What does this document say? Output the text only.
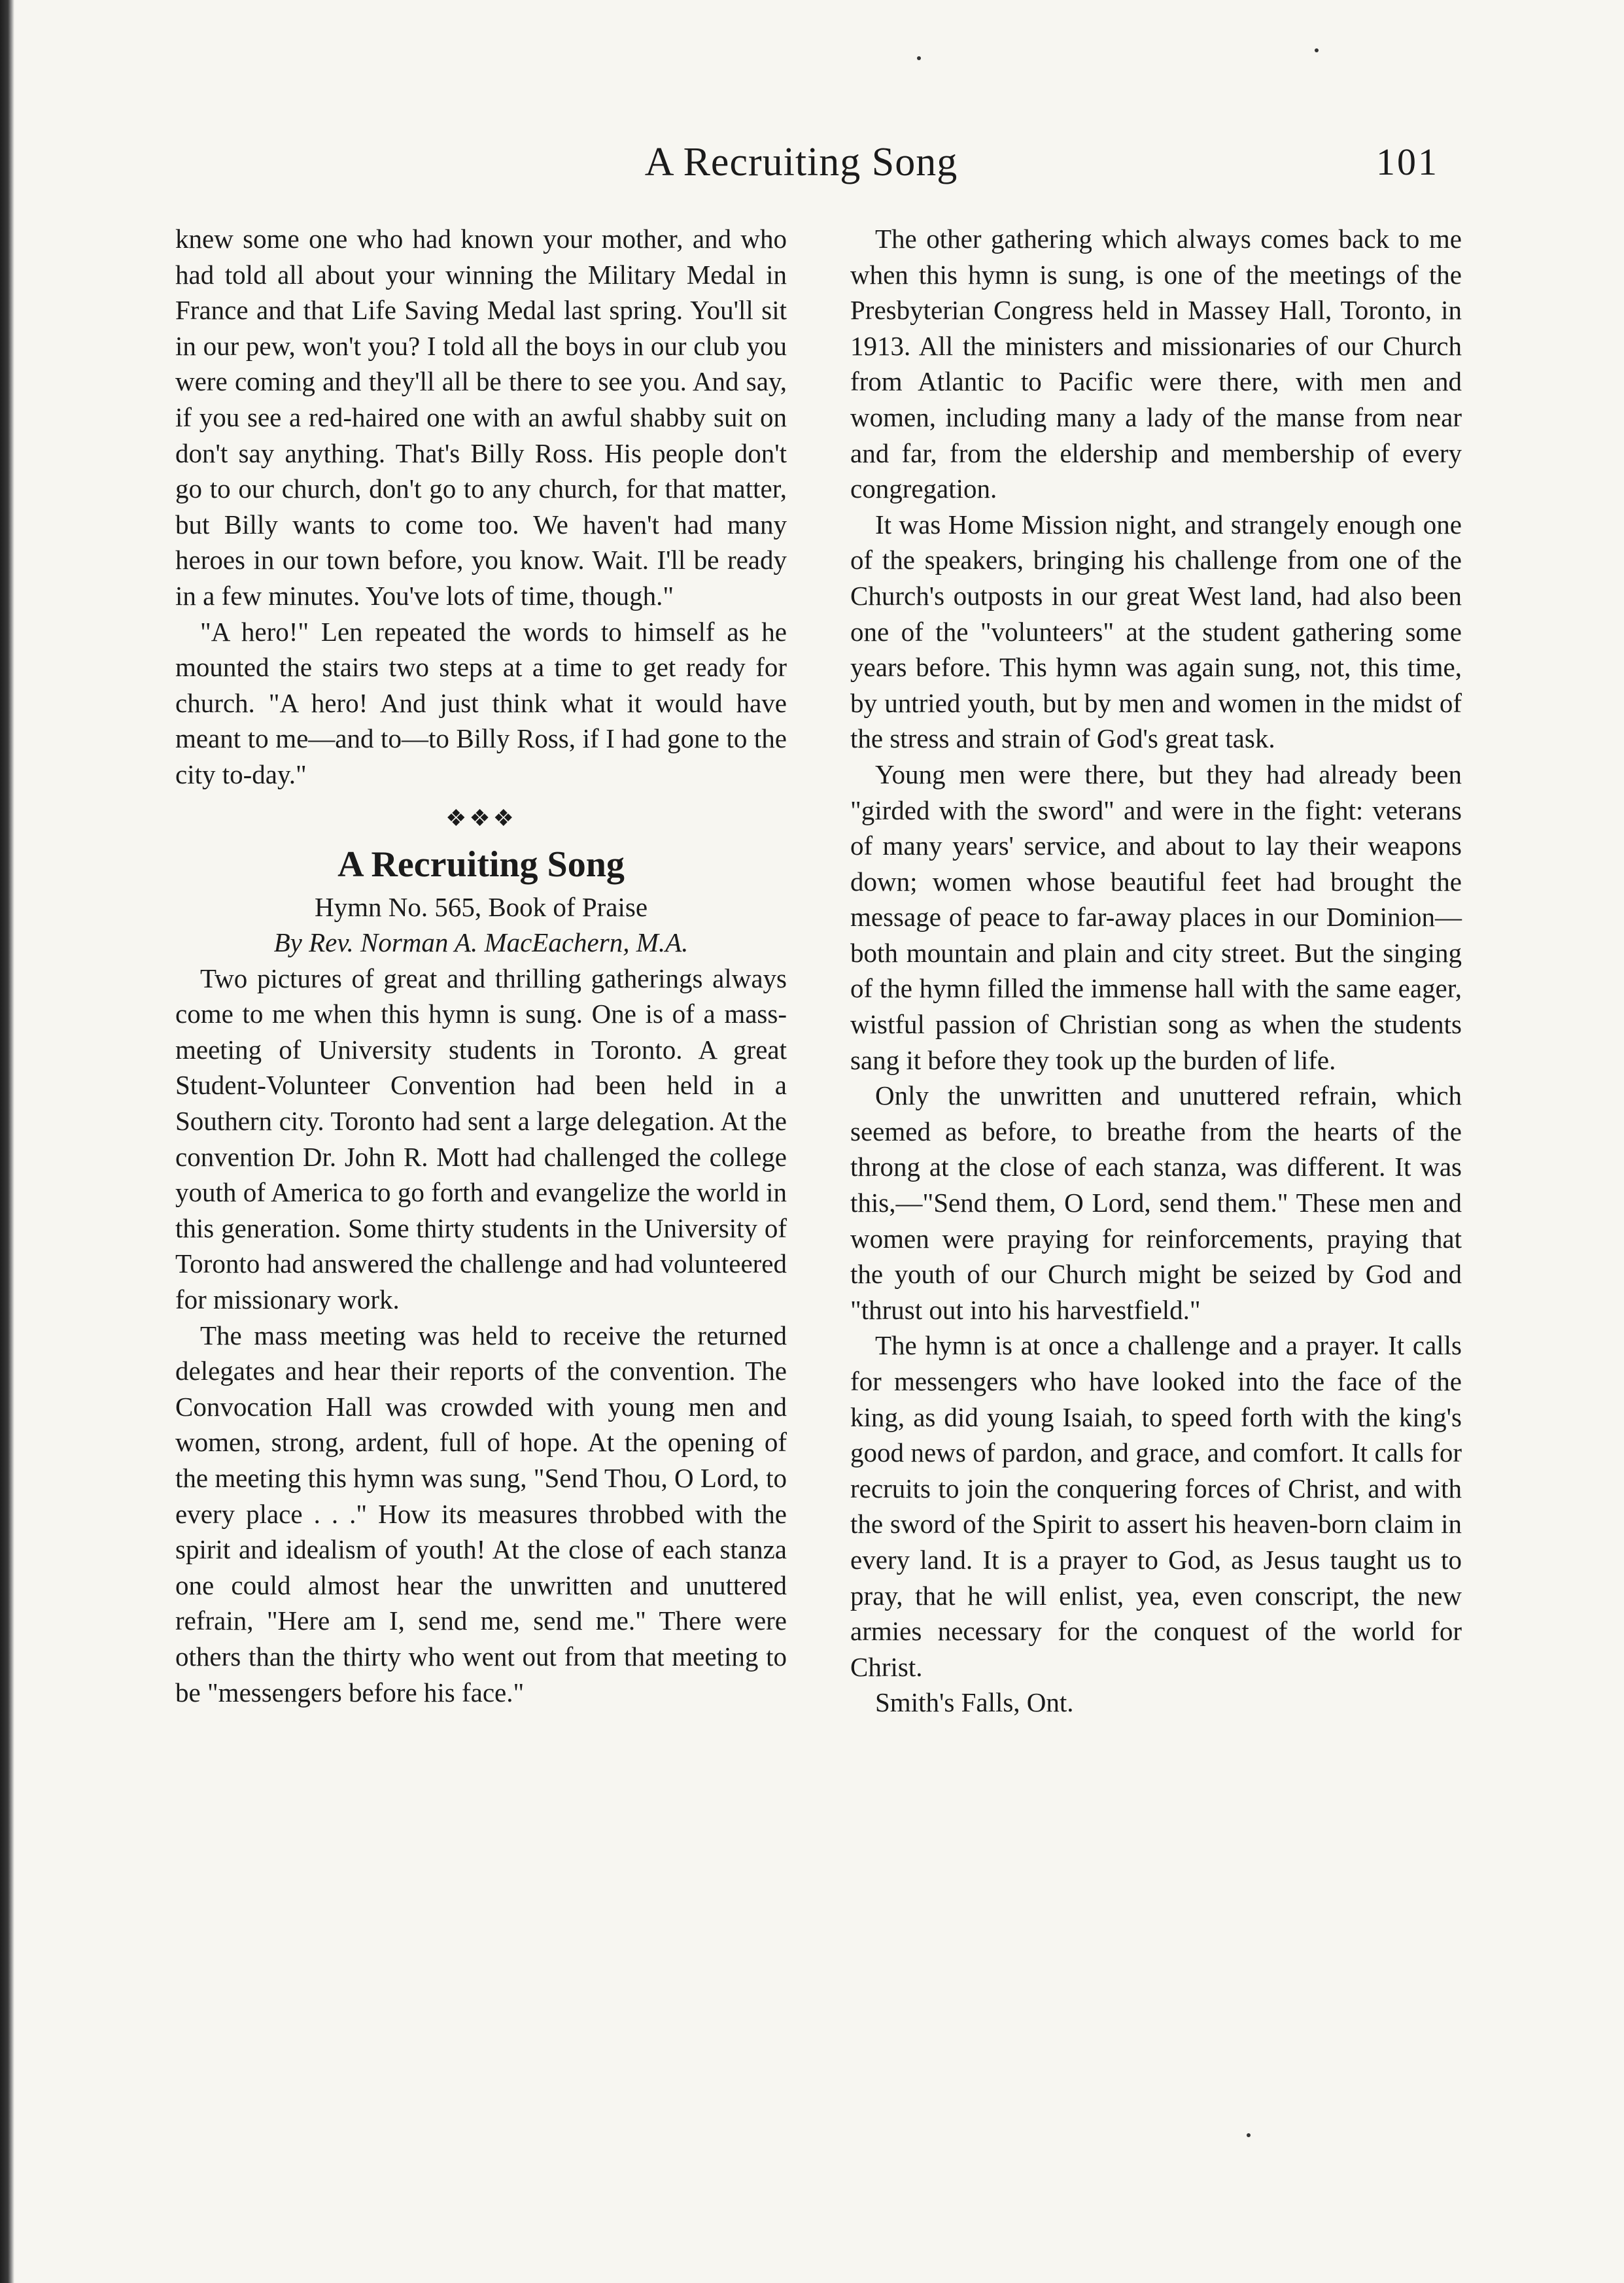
A Recruiting Song	101

knew some one who had known your mother, and who had told all about your winning the Military Medal in France and that Life Saving Medal last spring. You'll sit in our pew, won't you? I told all the boys in our club you were coming and they'll all be there to see you. And say, if you see a red-haired one with an awful shabby suit on don't say anything. That's Billy Ross. His people don't go to our church, don't go to any church, for that matter, but Billy wants to come too. We haven't had many heroes in our town before, you know. Wait. I'll be ready in a few minutes. You've lots of time, though."

"A hero!" Len repeated the words to himself as he mounted the stairs two steps at a time to get ready for church. "A hero! And just think what it would have meant to me—and to—to Billy Ross, if I had gone to the city to-day."

❖❖❖
A Recruiting Song

Hymn No. 565, Book of Praise

By Rev. Norman A. MacEachern, M.A.

Two pictures of great and thrilling gatherings always come to me when this hymn is sung. One is of a mass-meeting of University students in Toronto. A great Student-Volunteer Convention had been held in a Southern city. Toronto had sent a large delegation. At the convention Dr. John R. Mott had challenged the college youth of America to go forth and evangelize the world in this generation. Some thirty students in the University of Toronto had answered the challenge and had volunteered for missionary work.

The mass meeting was held to receive the returned delegates and hear their reports of the convention. The Convocation Hall was crowded with young men and women, strong, ardent, full of hope. At the opening of the meeting this hymn was sung, "Send Thou, O Lord, to every place . . ." How its measures throbbed with the spirit and idealism of youth! At the close of each stanza one could almost hear the unwritten and unuttered refrain, "Here am I, send me, send me." There were others than the thirty who went out from that meeting to be "messengers before his face."

The other gathering which always comes back to me when this hymn is sung, is one of the meetings of the Presbyterian Congress held in Massey Hall, Toronto, in 1913. All the ministers and missionaries of our Church from Atlantic to Pacific were there, with men and women, including many a lady of the manse from near and far, from the eldership and membership of every congregation.

It was Home Mission night, and strangely enough one of the speakers, bringing his challenge from one of the Church's outposts in our great West land, had also been one of the "volunteers" at the student gathering some years before. This hymn was again sung, not, this time, by untried youth, but by men and women in the midst of the stress and strain of God's great task.

Young men were there, but they had already been "girded with the sword" and were in the fight: veterans of many years' service, and about to lay their weapons down; women whose beautiful feet had brought the message of peace to far-away places in our Dominion—both mountain and plain and city street. But the singing of the hymn filled the immense hall with the same eager, wistful passion of Christian song as when the students sang it before they took up the burden of life.

Only the unwritten and unuttered refrain, which seemed as before, to breathe from the hearts of the throng at the close of each stanza, was different. It was this,—"Send them, O Lord, send them." These men and women were praying for reinforcements, praying that the youth of our Church might be seized by God and "thrust out into his harvestfield."

The hymn is at once a challenge and a prayer. It calls for messengers who have looked into the face of the king, as did young Isaiah, to speed forth with the king's good news of pardon, and grace, and comfort. It calls for recruits to join the conquering forces of Christ, and with the sword of the Spirit to assert his heaven-born claim in every land. It is a prayer to God, as Jesus taught us to pray, that he will enlist, yea, even conscript, the new armies necessary for the conquest of the world for Christ.

Smith's Falls, Ont.
